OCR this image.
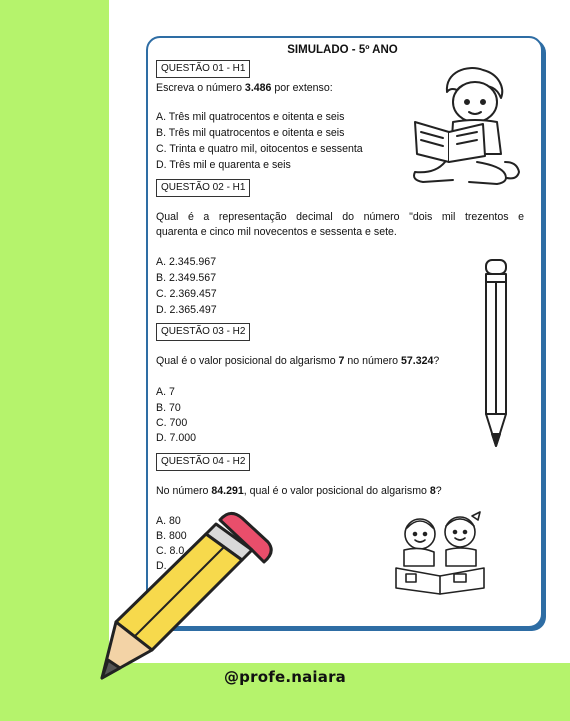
SIMULADO - 5º ANO
QUESTÃO 01 - H1
Escreva o número 3.486 por extenso:
A. Três mil quatrocentos e oitenta e seis
B. Três mil quatrocentos e oitenta e seis
C. Trinta e quatro mil, oitocentos e sessenta
D. Três mil e quarenta e seis
QUESTÃO 02 - H1
Qual é a representação decimal do número "dois mil trezentos e
quarenta e cinco mil novecentos e sessenta e sete.
A. 2.345.967
B. 2.349.567
C. 2.369.457
D. 2.365.497
QUESTÃO 03 - H2
Qual é o valor posicional do algarismo 7 no número 57.324?
A. 7
B. 70
C. 700
D. 7.000
QUESTÃO 04 - H2
No número 84.291, qual é o valor posicional do algarismo 8?
A. 80
B. 800
C. 8.0
D.
@profe.naiara
